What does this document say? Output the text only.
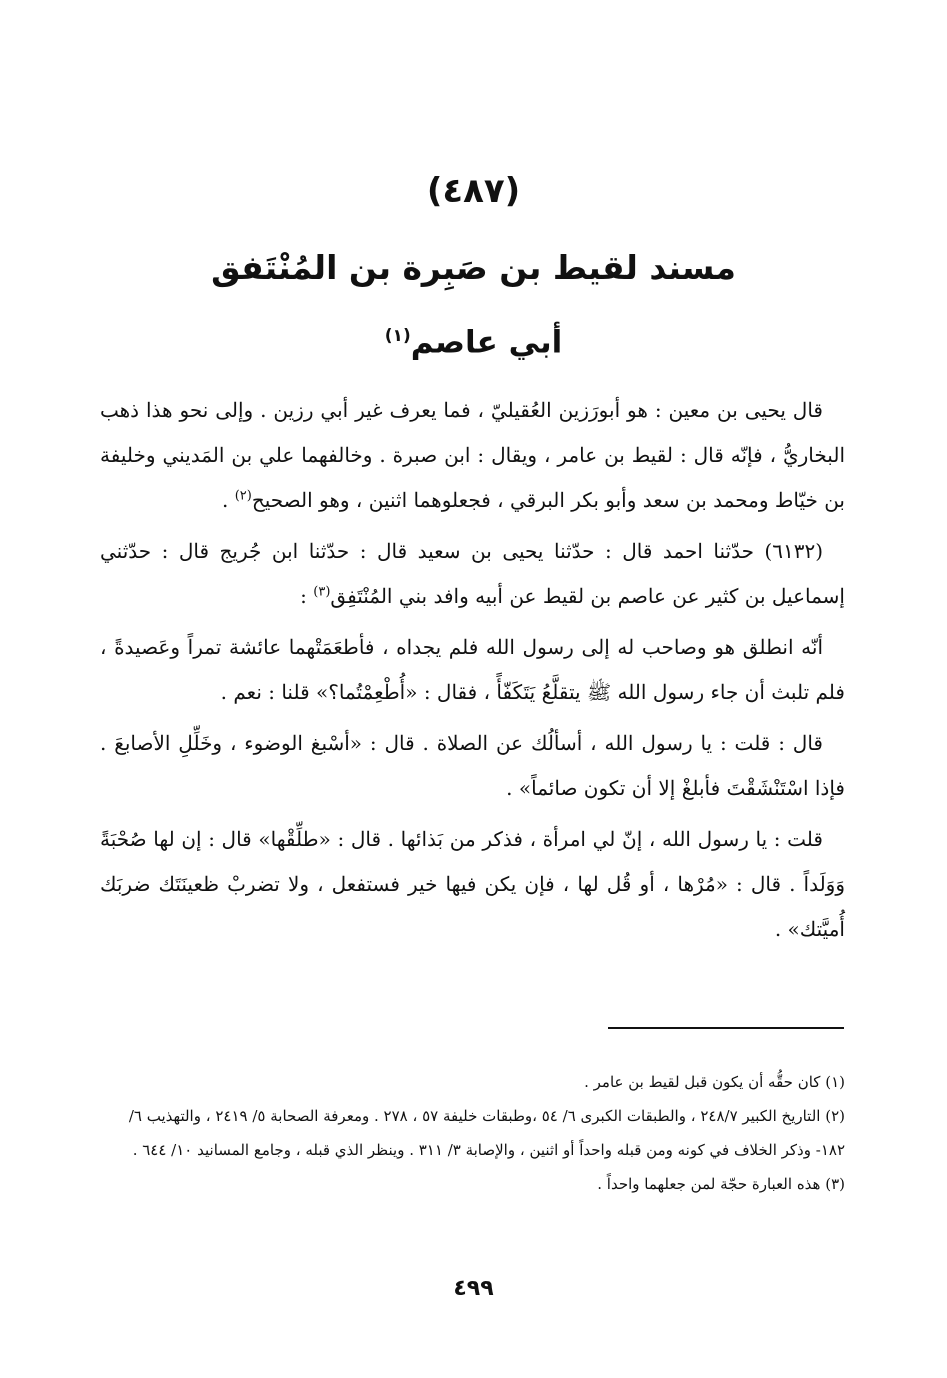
(٤٨٧)
مسند لقيط بن صَبِرة بن المُنْتَفق
أبي عاصم$^{(١)}$

قال يحيى بن معين : هو أبورَزين العُقيليّ ، فما يعرف غير أبي رزين . وإلى نحو هذا ذهب البخاريُّ ، فإنّه قال : لقيط بن عامر ، ويقال : ابن صبرة . وخالفهما علي بن المَديني وخليفة بن خيّاط ومحمد بن سعد وأبو بكر البرقي ، فجعلوهما اثنين ، وهو الصحيح$^{(٢)}$ .

(٦١٣٢) حدّثنا احمد قال : حدّثنا يحيى بن سعيد قال : حدّثنا ابن جُريج قال : حدّثني إسماعيل بن كثير عن عاصم بن لقيط عن أبيه وافد بني المُنْتَفِق$^{(٣)}$ :

أنّه انطلق هو وصاحب له إلى رسول الله فلم يجداه ، فأطعَمَتْهما عائشة تمراً وعَصيدةً ، فلم تلبث أن جاء رسول الله ﷺ يتقلَّعُ يَتَكَفّأً ، فقال : «أُطْعِمْتُما؟» قلنا : نعم .

قال : قلت : يا رسول الله ، أسألُك عن الصلاة . قال : «أسْبغ الوضوء ، وخَلِّلِ الأصابعَ . فإذا اسْتَنْشَقْتَ فأبلغْ إلا أن تكون صائماً» .

قلت : يا رسول الله ، إنّ لي امرأة ، فذكر من بَذائها . قال : «طلِّقْها» قال : إن لها صُحْبَةً وَوَلَداً . قال : «مُرْها ، أو قُل لها ، فإن يكن فيها خير فستفعل ، ولا تضربْ ظعينَتَك ضربَك أُميَّتك» .

(١) كان حقُّه أن يكون قبل لقيط بن عامر .

(٢) التاريخ الكبير ٢٤٨/٧ ، والطبقات الكبرى ٦/ ٥٤ ،وطبقات خليفة ٥٧ ، ٢٧٨ . ومعرفة الصحابة ٥/ ٢٤١٩ ، والتهذيب ٦/ ١٨٢- وذكر الخلاف في كونه ومن قبله واحداً أو اثنين ، والإصابة ٣/ ٣١١ . وينظر الذي قبله ، وجامع المسانيد ١٠/ ٦٤٤ .

(٣) هذه العبارة حجّة لمن جعلهما واحداً .

٤٩٩
